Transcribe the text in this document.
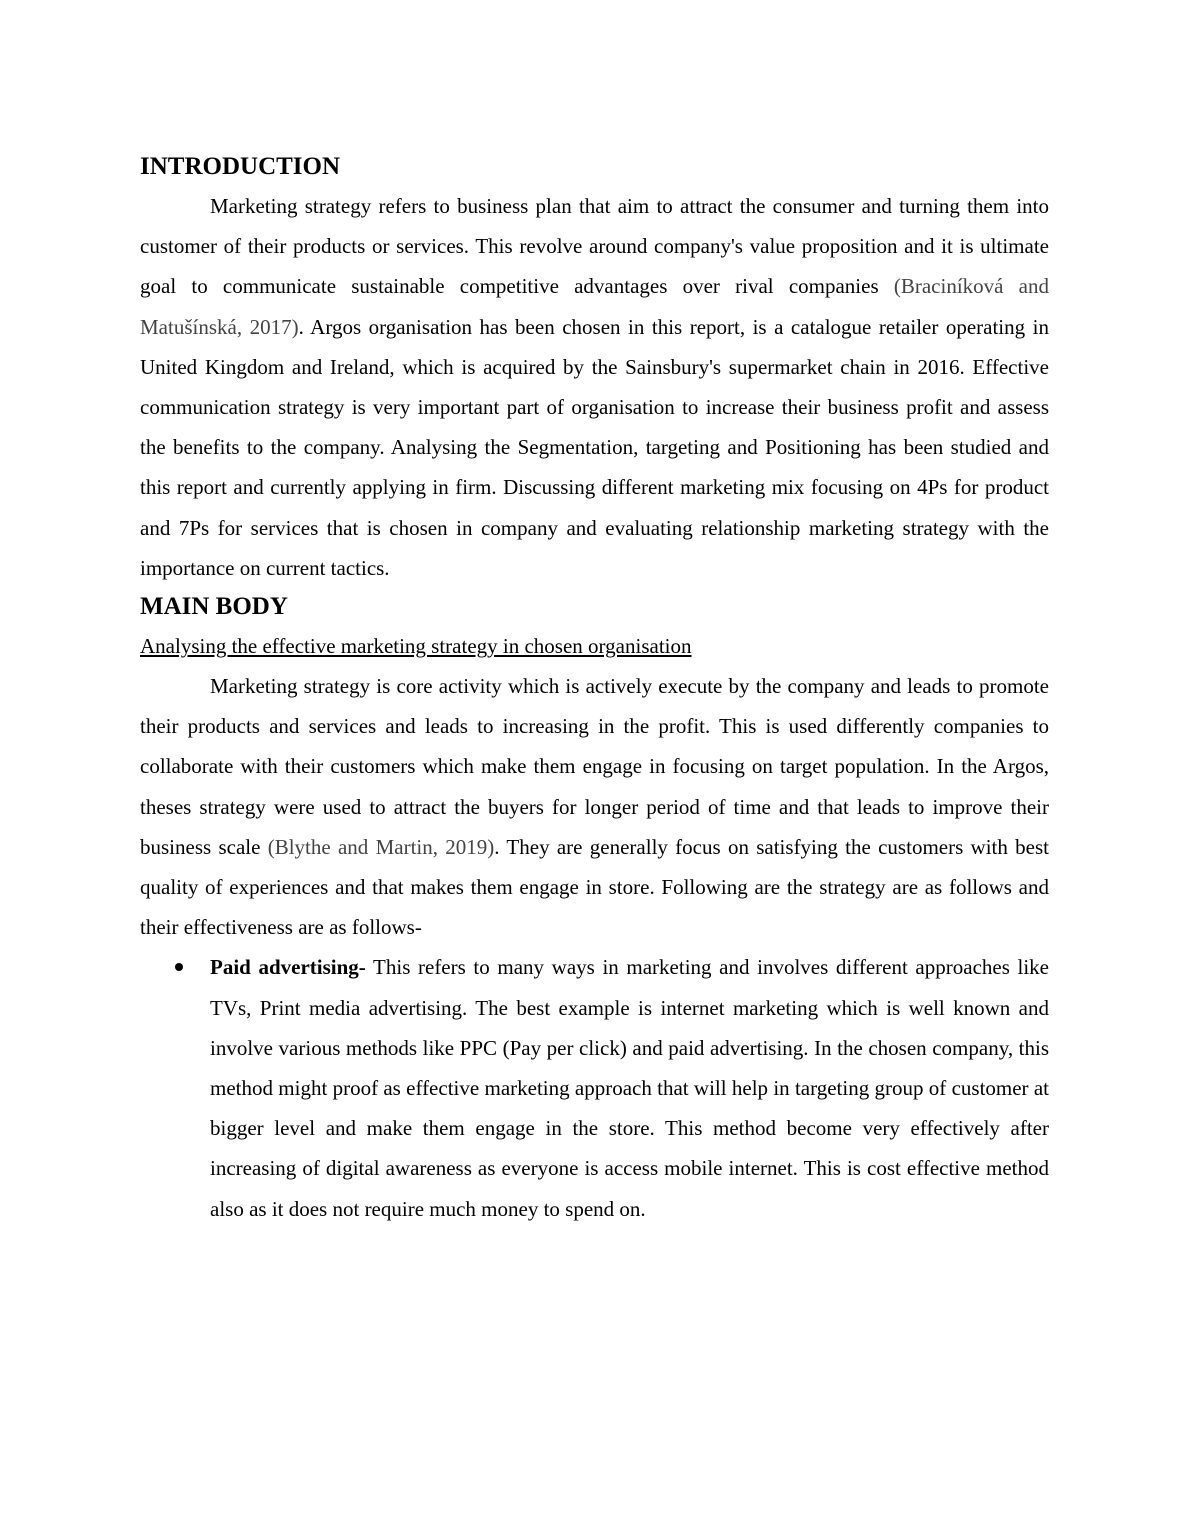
INTRODUCTION

Marketing strategy refers to business plan that aim to attract the consumer and turning them into customer of their products or services. This revolve around company's value proposition and it is ultimate goal to communicate sustainable competitive advantages over rival companies (Braciníková and Matušínská, 2017). Argos organisation has been chosen in this report, is a catalogue retailer operating in United Kingdom and Ireland, which is acquired by the Sainsbury's supermarket chain in 2016. Effective communication strategy is very important part of organisation to increase their business profit and assess the benefits to the company. Analysing the Segmentation, targeting and Positioning has been studied and this report and currently applying in firm. Discussing different marketing mix focusing on 4Ps for product and 7Ps for services that is chosen in company and evaluating relationship marketing strategy with the importance on current tactics.

MAIN BODY

Analysing the effective marketing strategy in chosen organisation

Marketing strategy is core activity which is actively execute by the company and leads to promote their products and services and leads to increasing in the profit. This is used differently companies to collaborate with their customers which make them engage in focusing on target population. In the Argos, theses strategy were used to attract the buyers for longer period of time and that leads to improve their business scale (Blythe and Martin, 2019). They are generally focus on satisfying the customers with best quality of experiences and that makes them engage in store. Following are the strategy are as follows and their effectiveness are as follows-

Paid advertising- This refers to many ways in marketing and involves different approaches like TVs, Print media advertising. The best example is internet marketing which is well known and involve various methods like PPC (Pay per click) and paid advertising. In the chosen company, this method might proof as effective marketing approach that will help in targeting group of customer at bigger level and make them engage in the store. This method become very effectively after increasing of digital awareness as everyone is access mobile internet. This is cost effective method also as it does not require much money to spend on.
